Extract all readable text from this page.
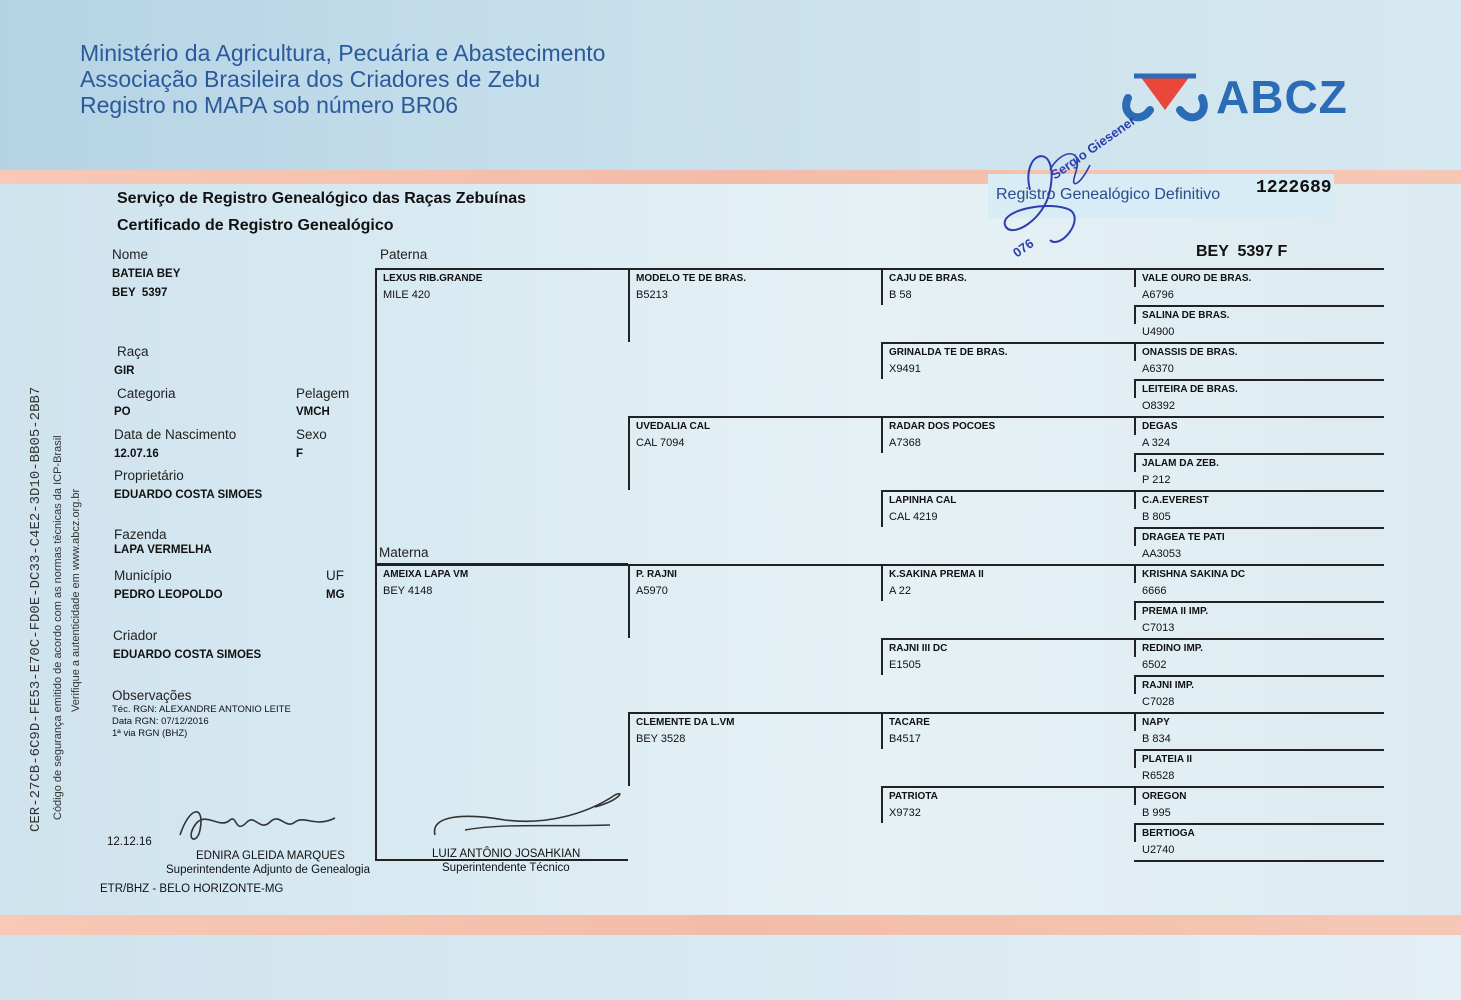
Ministério da Agricultura, Pecuária e Abastecimento
Associação Brasileira dos Criadores de Zebu
Registro no MAPA sob número BR06	ABCZ
Serviço de Registro Genealógico das Raças Zebuínas
Certificado de Registro Genealógico
Registro Genealógico Definitivo 1222689
BEY  5397 F
Sergio Giesener
076
CER-27CB-6C9D-FE53-E70C-FD0E-DC33-C4E2-3D10-BB05-2BB7 Código de segurança emitido de acordo com as normas técnicas da ICP-Brasil Verifique a autenticidade em www.abcz.org.br
Nome
BATEIA BEY
BEY  5397
Raça
GIR
Categoria
PO
Pelagem
VMCH
Data de Nascimento
12.07.16
Sexo
F
Proprietário
EDUARDO COSTA SIMOES
Fazenda
LAPA VERMELHA
Município
PEDRO LEOPOLDO
UF
MG
Criador
EDUARDO COSTA SIMOES
Observações
Téc. RGN: ALEXANDRE ANTONIO LEITE
Data RGN: 07/12/2016
1ª via RGN (BHZ)
Paterna
Materna
LEXUS RIB.GRANDE
MILE 420
AMEIXA LAPA VM
BEY 4148
MODELO TE DE BRAS.
B5213
UVEDALIA CAL
CAL 7094
P. RAJNI
A5970
CLEMENTE DA L.VM
BEY 3528
CAJU DE BRAS.
B 58
GRINALDA TE DE BRAS.
X9491
RADAR DOS POCOES
A7368
LAPINHA CAL
CAL 4219
K.SAKINA PREMA II
A 22
RAJNI III DC
E1505
TACARE
B4517
PATRIOTA
X9732
VALE OURO DE BRAS.
A6796
SALINA DE BRAS.
U4900
ONASSIS DE BRAS.
A6370
LEITEIRA DE BRAS.
O8392
DEGAS
A 324
JALAM DA ZEB.
P 212
C.A.EVEREST
B 805
DRAGEA TE PATI
AA3053
KRISHNA SAKINA DC
6666
PREMA II IMP.
C7013
REDINO IMP.
6502
RAJNI IMP.
C7028
NAPY
B 834
PLATEIA II
R6528
OREGON
B 995
BERTIOGA
U2740
12.12.16
EDNIRA GLEIDA MARQUES
Superintendente Adjunto de Genealogia
LUIZ ANTÔNIO JOSAHKIAN
Superintendente Técnico
ETR/BHZ - BELO HORIZONTE-MG
